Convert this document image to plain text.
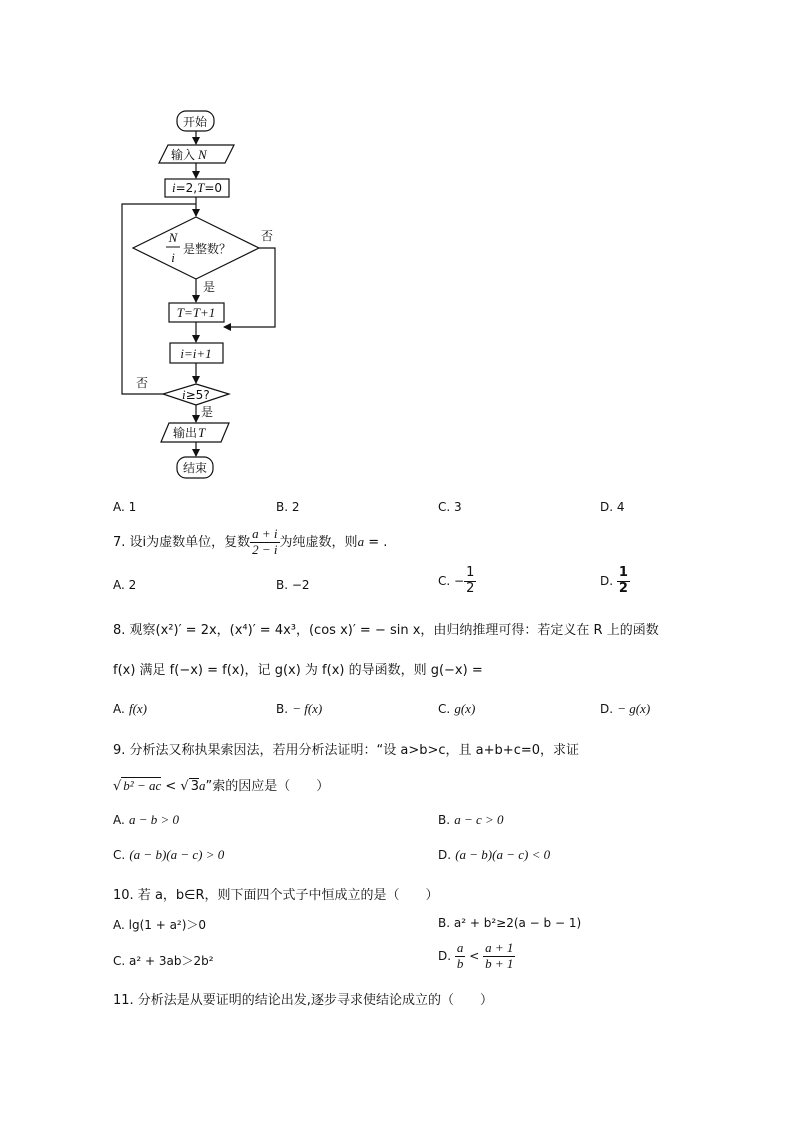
开始
输入 N
i=2,T=0
N
i
是整数？
否
是
T=T+1
i=i+1
i≥5?
否
是
输出T
结束
A. 1	B. 2	C. 3	D. 4
7. 设i为虚数单位，复数 $\frac{a + i}{2 - i}$ 为纯虚数，则a = .
A. 2	B. −2	C. − $\frac{1}{2}$	D. $\frac{1}{2}$
8. 观察(x²)′ = 2x，(x⁴)′ = 4x³，(cos x)′ = − sin x，由归纳推理可得：若定义在 R 上的函数
f(x) 满足 f(−x) = f(x)，记 g(x) 为 f(x) 的导函数，则 g(−x) =
A. f(x)	B. − f(x)	C. g(x)	D. − g(x)
9. 分析法又称执果索因法，若用分析法证明：“设 a>b>c，且 a+b+c=0，求证
√ b² − ac < √ 3a”索的因应是（　　）
A. a − b > 0	B. a − c > 0
C. (a − b)(a − c) > 0	D. (a − b)(a − c) < 0
10. 若 a，b∈R，则下面四个式子中恒成立的是（　　）
A. lg(1 + a²)＞0	B. a² + b²≥2(a − b − 1)
C. a² + 3ab＞2b²	D. $\frac{a}{b} < \frac{a + 1}{b + 1}$
11. 分析法是从要证明的结论出发,逐步寻求使结论成立的（　　）
